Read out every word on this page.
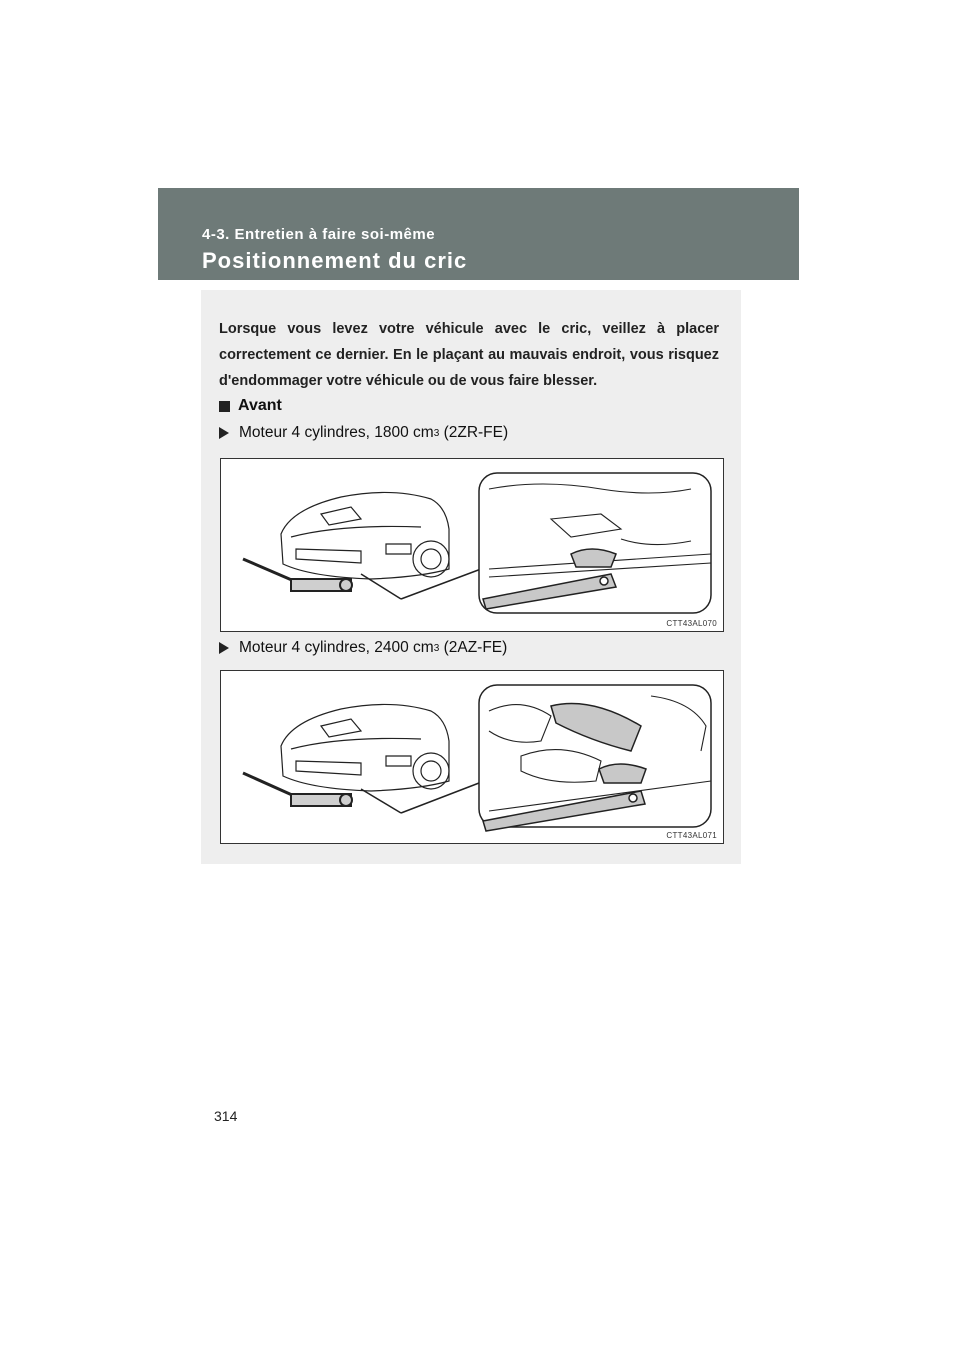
4-3. Entretien à faire soi-même
Positionnement du cric
Lorsque vous levez votre véhicule avec le cric, veillez à placer correctement ce dernier. En le plaçant au mauvais endroit, vous risquez d'endommager votre véhicule ou de vous faire blesser.
Avant
Moteur 4 cylindres, 1800 cm 3 (2ZR-FE)
CTT43AL070
Moteur 4 cylindres, 2400 cm 3 (2AZ-FE)
CTT43AL071
314
